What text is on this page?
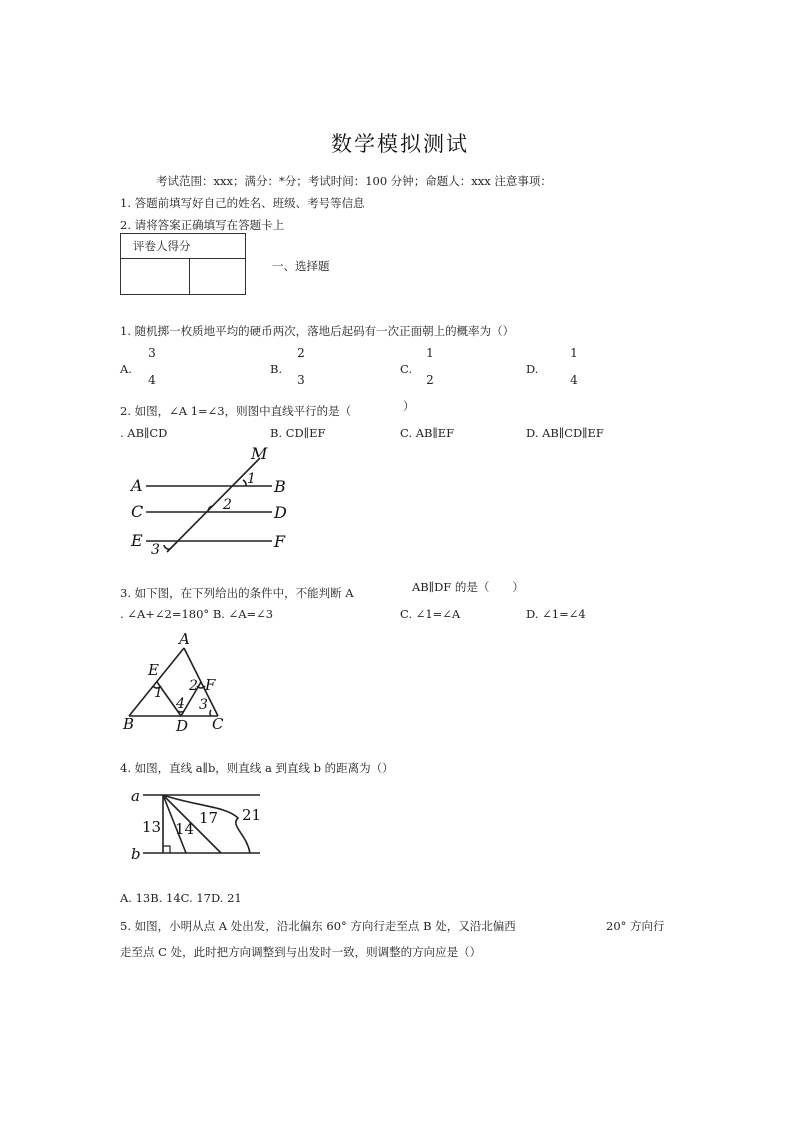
数学模拟测试
考试范围：xxx；满分：*分；考试时间：100 分钟；命题人：xxx 注意事项：
1. 答题前填写好自己的姓名、班级、考号等信息
2. 请将答案正确填写在答题卡上
评卷人得分
一、选择题
1. 随机掷一枚质地平均的硬币两次，落地后起码有一次正面朝上的概率为（）
A.
3
4
B.
2
3
C.
1
2
D.
1
4
2. 如图，∠A 1=∠3，则图中直线平行的是（	）
. AB∥CD	B. CD∥EF	C. AB∥EF	D. AB∥CD∥EF
M
A	1 B
C	2	D
E 3	F
A
E
F
1 2
4 3
B	D C
a
b
13 14
17 21
3. 如下图，在下列给出的条件中，不能判断 A	AB∥DF 的是（　　）
. ∠A+∠2=180° B. ∠A=∠3	C. ∠1=∠A	D. ∠1=∠4
4. 如图，直线 a∥b，则直线 a 到直线 b 的距离为（）
A. 13B. 14C. 17D. 21
5. 如图，小明从点 A 处出发，沿北偏东 60° 方向行走至点 B 处，又沿北偏西	20° 方向行
走至点 C 处，此时把方向调整到与出发时一致，则调整的方向应是（）
